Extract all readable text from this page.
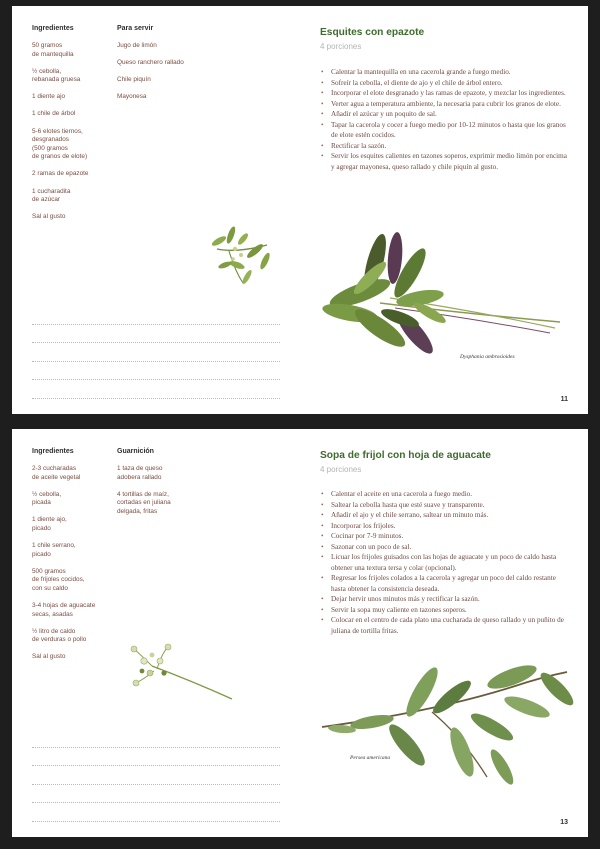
Ingredientes
50 gramos
de mantequilla
½ cebolla,
rebanada gruesa
1 diente ajo
1 chile de árbol
5-6 elotes tiernos,
desgranados
(500 gramos
de granos de elote)
2 ramas de epazote
1 cucharadita
de azúcar
Sal al gusto
Para servir
Jugo de limón
Queso ranchero rallado
Chile piquín
Mayonesa
Esquites con epazote
4 porciones
• Calentar la mantequilla en una cacerola grande a fuego medio.
• Sofreír la cebolla, el diente de ajo y el chile de árbol entero.
• Incorporar el elote desgranado y las ramas de epazote, y mezclar los ingredientes.
• Verter agua a temperatura ambiente, la necesaria para cubrir los granos de elote.
• Añadir el azúcar y un poquito de sal.
• Tapar la cacerola y cocer a fuego medio por 10-12 minutos o hasta que los granos de elote estén cocidos.
• Rectificar la sazón.
• Servir los esquites calientes en tazones soperos, exprimir medio limón por encima y agregar mayonesa, queso rallado y chile piquín al gusto.
Dysphania ambrosioides
11
Ingredientes
2-3 cucharadas
de aceite vegetal
½ cebolla,
picada
1 diente ajo,
picado
1 chile serrano,
picado
500 gramos
de frijoles cocidos,
con su caldo
3-4 hojas de aguacate
secas, asadas
½ litro de caldo
de verduras o pollo
Sal al gusto
Guarnición
1 taza de queso
adobera rallado
4 tortillas de maíz,
cortadas en juliana
delgada, fritas
Sopa de frijol con hoja de aguacate
4 porciones
• Calentar el aceite en una cacerola a fuego medio.
• Saltear la cebolla hasta que esté suave y transparente.
• Añadir el ajo y el chile serrano, saltear un minuto más.
• Incorporar los frijoles.
• Cocinar por 7-9 minutos.
• Sazonar con un poco de sal.
• Licuar los frijoles guisados con las hojas de aguacate y un poco de caldo hasta obtener una textura tersa y colar (opcional).
• Regresar los frijoles colados a la cacerola y agregar un poco del caldo restante hasta obtener la consistencia deseada.
• Dejar hervir unos minutos más y rectificar la sazón.
• Servir la sopa muy caliente en tazones soperos.
• Colocar en el centro de cada plato una cucharada de queso rallado y un puñito de juliana de tortilla fritas.
Persea americana
13
